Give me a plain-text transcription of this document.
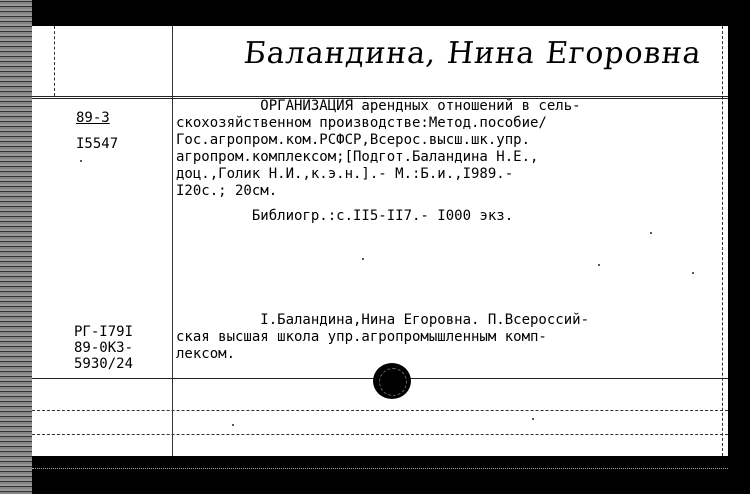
Баландина, Нина Егоровна
89-3
I5547
РГ-I79I
89-0К3-
5930/24
ОРГАНИЗАЦИЯ арендных отношений в сель-
скохозяйственном производстве:Метод.пособие/
Гос.агропром.ком.РСФСР,Всерос.высш.шк.упр.
агропром.комплексом;[Подгот.Баландина Н.Е.,
доц.,Голик Н.И.,к.э.н.].- М.:Б.и.,I989.-
I20с.; 20см.
Библиогр.:с.II5-II7.- I000 экз.
I.Баландина,Нина Егоровна. П.Всероссий-
ская высшая школа упр.агропромышленным комп-
лексом.
